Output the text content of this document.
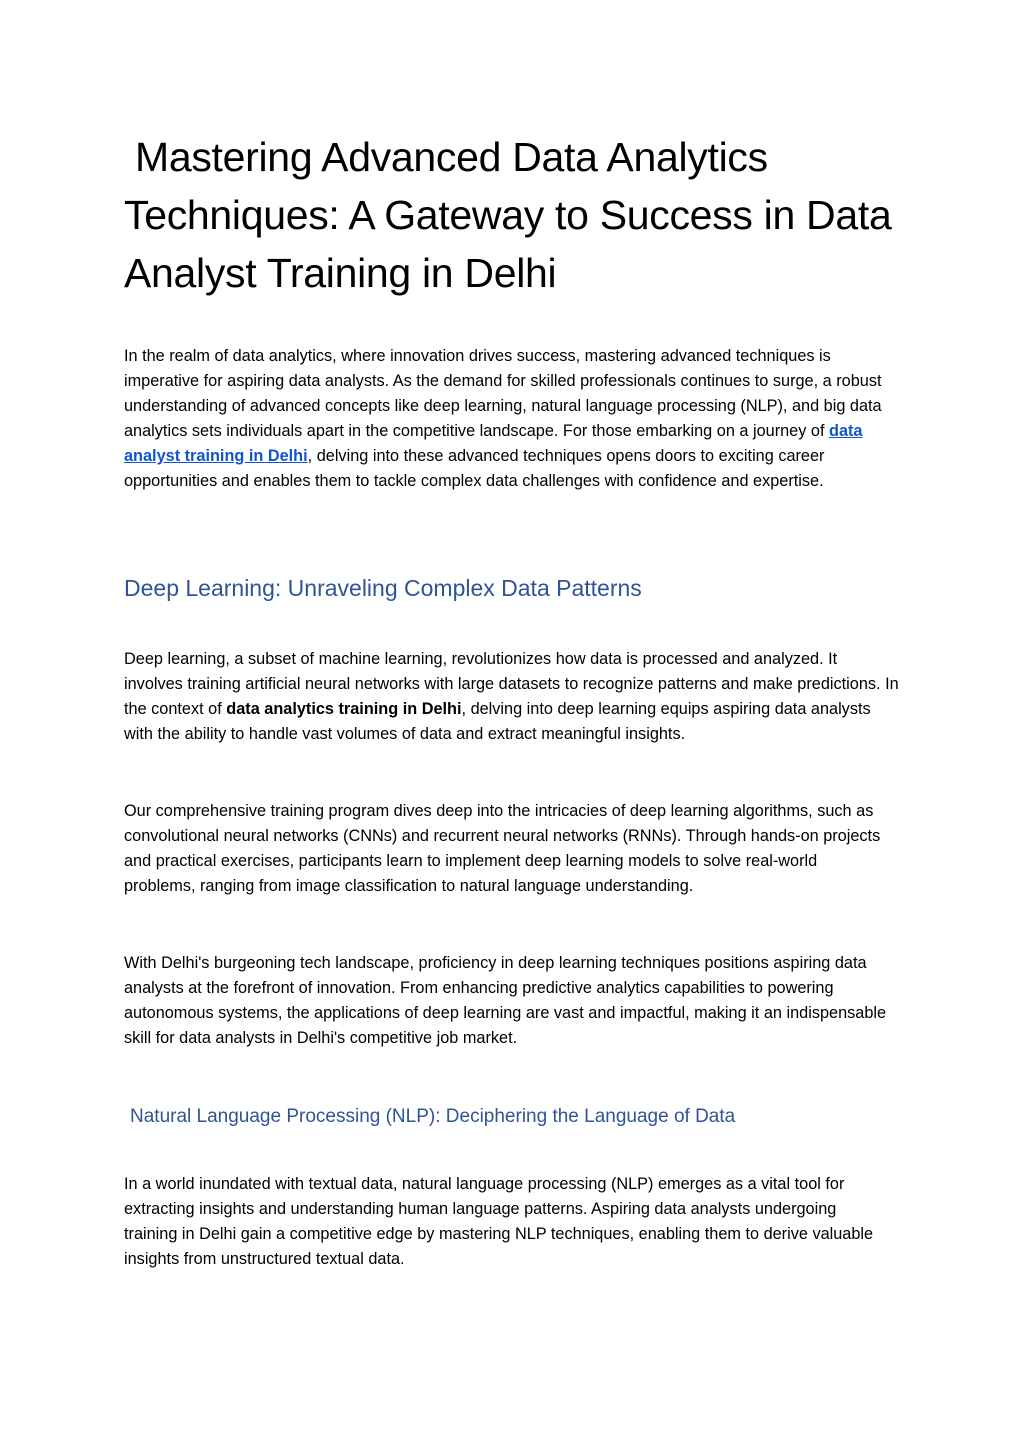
Mastering Advanced Data Analytics Techniques: A Gateway to Success in Data Analyst Training in Delhi

In the realm of data analytics, where innovation drives success, mastering advanced techniques is imperative for aspiring data analysts. As the demand for skilled professionals continues to surge, a robust understanding of advanced concepts like deep learning, natural language processing (NLP), and big data analytics sets individuals apart in the competitive landscape. For those embarking on a journey of data analyst training in Delhi, delving into these advanced techniques opens doors to exciting career opportunities and enables them to tackle complex data challenges with confidence and expertise.

Deep Learning: Unraveling Complex Data Patterns

Deep learning, a subset of machine learning, revolutionizes how data is processed and analyzed. It involves training artificial neural networks with large datasets to recognize patterns and make predictions. In the context of data analytics training in Delhi, delving into deep learning equips aspiring data analysts with the ability to handle vast volumes of data and extract meaningful insights.

Our comprehensive training program dives deep into the intricacies of deep learning algorithms, such as convolutional neural networks (CNNs) and recurrent neural networks (RNNs). Through hands-on projects and practical exercises, participants learn to implement deep learning models to solve real-world problems, ranging from image classification to natural language understanding.

With Delhi's burgeoning tech landscape, proficiency in deep learning techniques positions aspiring data analysts at the forefront of innovation. From enhancing predictive analytics capabilities to powering autonomous systems, the applications of deep learning are vast and impactful, making it an indispensable skill for data analysts in Delhi's competitive job market.

Natural Language Processing (NLP): Deciphering the Language of Data

In a world inundated with textual data, natural language processing (NLP) emerges as a vital tool for extracting insights and understanding human language patterns. Aspiring data analysts undergoing training in Delhi gain a competitive edge by mastering NLP techniques, enabling them to derive valuable insights from unstructured textual data.
